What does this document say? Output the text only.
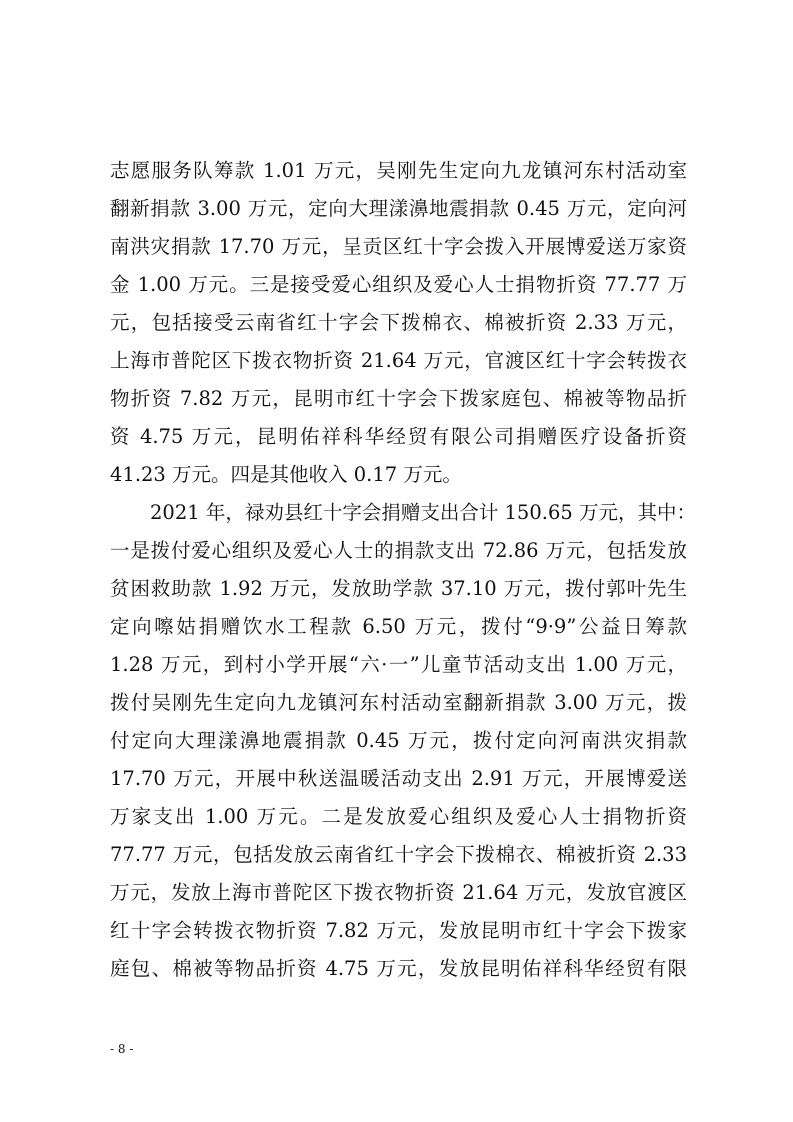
志愿服务队筹款 1.01 万元，吴刚先生定向九龙镇河东村活动室
翻新捐款 3.00 万元，定向大理漾濞地震捐款 0.45 万元，定向河
南洪灾捐款 17.70 万元，呈贡区红十字会拨入开展博爱送万家资
金 1.00 万元。三是接受爱心组织及爱心人士捐物折资 77.77 万
元，包括接受云南省红十字会下拨棉衣、棉被折资 2.33 万元，
上海市普陀区下拨衣物折资 21.64 万元，官渡区红十字会转拨衣
物折资 7.82 万元，昆明市红十字会下拨家庭包、棉被等物品折
资 4.75 万元，昆明佑祥科华经贸有限公司捐赠医疗设备折资
41.23 万元。四是其他收入 0.17 万元。
2021 年，禄劝县红十字会捐赠支出合计 150.65 万元，其中：
一是拨付爱心组织及爱心人士的捐款支出 72.86 万元，包括发放
贫困救助款 1.92 万元，发放助学款 37.10 万元，拨付郭叶先生
定向嚓姑捐赠饮水工程款 6.50 万元，拨付“9·9”公益日筹款
1.28 万元，到村小学开展“六·一”儿童节活动支出 1.00 万元，
拨付吴刚先生定向九龙镇河东村活动室翻新捐款 3.00 万元，拨
付定向大理漾濞地震捐款 0.45 万元，拨付定向河南洪灾捐款
17.70 万元，开展中秋送温暖活动支出 2.91 万元，开展博爱送
万家支出 1.00 万元。二是发放爱心组织及爱心人士捐物折资
77.77 万元，包括发放云南省红十字会下拨棉衣、棉被折资 2.33
万元，发放上海市普陀区下拨衣物折资 21.64 万元，发放官渡区
红十字会转拨衣物折资 7.82 万元，发放昆明市红十字会下拨家
庭包、棉被等物品折资 4.75 万元，发放昆明佑祥科华经贸有限
- 8 -
